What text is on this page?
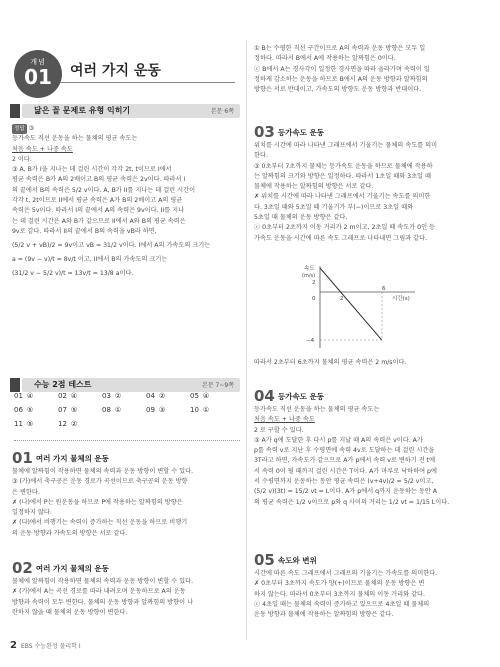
개념
01	여러 가지 운동
닮은 꼴 문제로 유형 익히기	본문 6쪽

정답 ③

등가속도 직선 운동을 하는 물체의 평균 속도는

처음 속도 + 나중 속도

2 이다.

③ A, B가 I을 지나는 데 걸린 시간이 각각 2t, t이므로 I에서

평균 속력은 B가 A의 2배이고 B의 평균 속력은 2v이다. 따라서 I

의 끝에서 B의 속력은 5/2 v이다. A, B가 II를 지나는 데 걸린 시간이

각각 t, 2t이므로 II에서 평균 속력은 A가 B의 2배이고 A의 평균

속력은 5v이다. 따라서 I의 끝에서 A의 속력은 9v이다. II를 지나

는 데 걸린 시간은 A와 B가 같으므로 II에서 A와 B의 평균 속력은

9v로 같다. 따라서 II의 끝에서 B의 속력을 vB라 하면,

(5/2 v + vB)/2 = 9v이고 vB = 31/2 v이다. I에서 A의 가속도의 크기는

a = (9v − v)/t = 8v/t 이고, II에서 B의 가속도의 크기는

(31/2 v − 5/2 v)/t = 13v/t = 13/8 a이다.

수능 2점 테스트	본문 7~9쪽
01 ④	02 ④	03 ②	04 ②	05 ④
06 ⑤	07 ⑤	08 ①	09 ③	10 ①
11 ⑤	12 ②
01 여러 가지 물체의 운동

물체에 알짜힘이 작용하면 물체의 속력과 운동 방향이 변할 수 있다.

③ (가)에서 축구공은 운동 경로가 곡선이므로 축구공의 운동 방향

은 변한다.

✗ (나)에서 P는 원운동을 하므로 P에 작용하는 알짜힘의 방향은

일정하지 않다.

✗ (다)에서 비행기는 속력이 증가하는 직선 운동을 하므로 비행기

의 운동 방향과 가속도의 방향은 서로 같다.

02 여러 가지 물체의 운동

물체에 알짜힘이 작용하면 물체의 속력과 운동 방향이 변할 수 있다.

✗ (가)에서 A는 곡선 경로를 따라 내려오며 운동하므로 A의 운동

방향과 속력이 모두 변한다. 물체의 운동 방향과 알짜힘의 방향이 나

란하지 않을 때 물체의 운동 방향이 변한다.

① B는 수평한 직선 구간이므로 A의 속력과 운동 방향은 모두 일

정하다. 따라서 B에서 A에 작용하는 알짜힘은 0이다.

ⓒ B에서 A는 경사각이 일정한 경사면을 따라 올라가며 속력이 일

정하게 감소하는 운동을 하므로 B에서 A의 운동 방향과 알짜힘의

방향은 서로 반대이고, 가속도의 방향도 운동 방향과 반대이다.

03 등가속도 운동

위치를 시간에 따라 나타낸 그래프에서 기울기는 물체의 속도를 의미

한다.

③ 0초부터 7초까지 물체는 등가속도 운동을 하므로 물체에 작용하

는 알짜힘의 크기와 방향은 일정하다. 따라서 1초일 때와 3초일 때

물체에 작용하는 알짜힘의 방향은 서로 같다.

✗ 위치를 시간에 따라 나타낸 그래프에서 기울기는 속도를 의미한

다. 3초일 때와 5초일 때 기울기가 부(−)이므로 3초일 때와

5초일 때 물체의 운동 방향은 같다.

ⓒ 0초부터 2초까지 이동 거리가 2 m이고, 2초일 때 속도가 0인 등

가속도 운동을 시간에 따른 속도 그래프로 나타내면 그림과 같다.

속도
(m/s)
시간(s)
0
2
−4
2
6

따라서 2초부터 6초까지 물체의 평균 속력은 2 m/s이다.

04 등가속도 운동

등가속도 직선 운동을 하는 물체의 평균 속도는

처음 속도 + 나중 속도

2 로 구할 수 있다.

③ A가 q에 도달한 후 다시 p를 지날 때 A의 속력은 v이다. A가

p를 속력 v로 지난 후 수평면에 속력 4v로 도달하는 데 걸린 시간을

3T라고 하면, 가속도가 같으므로 A가 p에서 속력 v로 변하기 전 t에

서 속력 0이 될 때까지 걸린 시간은 T이다. A가 마루로 낙하하여 p에

서 수평면까지 운동하는 동안 평균 속력은 (v+4v)/2 = 5/2 v이고,

(5/2 v)(3t) = 15/2 vt = L이다. A가 p에서 q까지 운동하는 동안 A

의 평균 속력은 1/2 v이므로 p와 q 사이의 거리는 1/2 vt = 1/15 L이다.

05 속도와 변위

시간에 따른 속도 그래프에서 그래프의 기울기는 가속도를 의미한다.

✗ 0초부터 3초까지 속도가 양(+)이므로 물체의 운동 방향은 변

하지 않는다. 따라서 0초부터 3초까지 물체의 이동 거리와 같다.

ⓒ 4초일 때는 물체의 속력이 증가하고 있으므로 4초일 때 물체의

운동 방향과 물체에 작용하는 알짜힘의 방향은 같다.

2 EBS 수능완성 물리학 I
